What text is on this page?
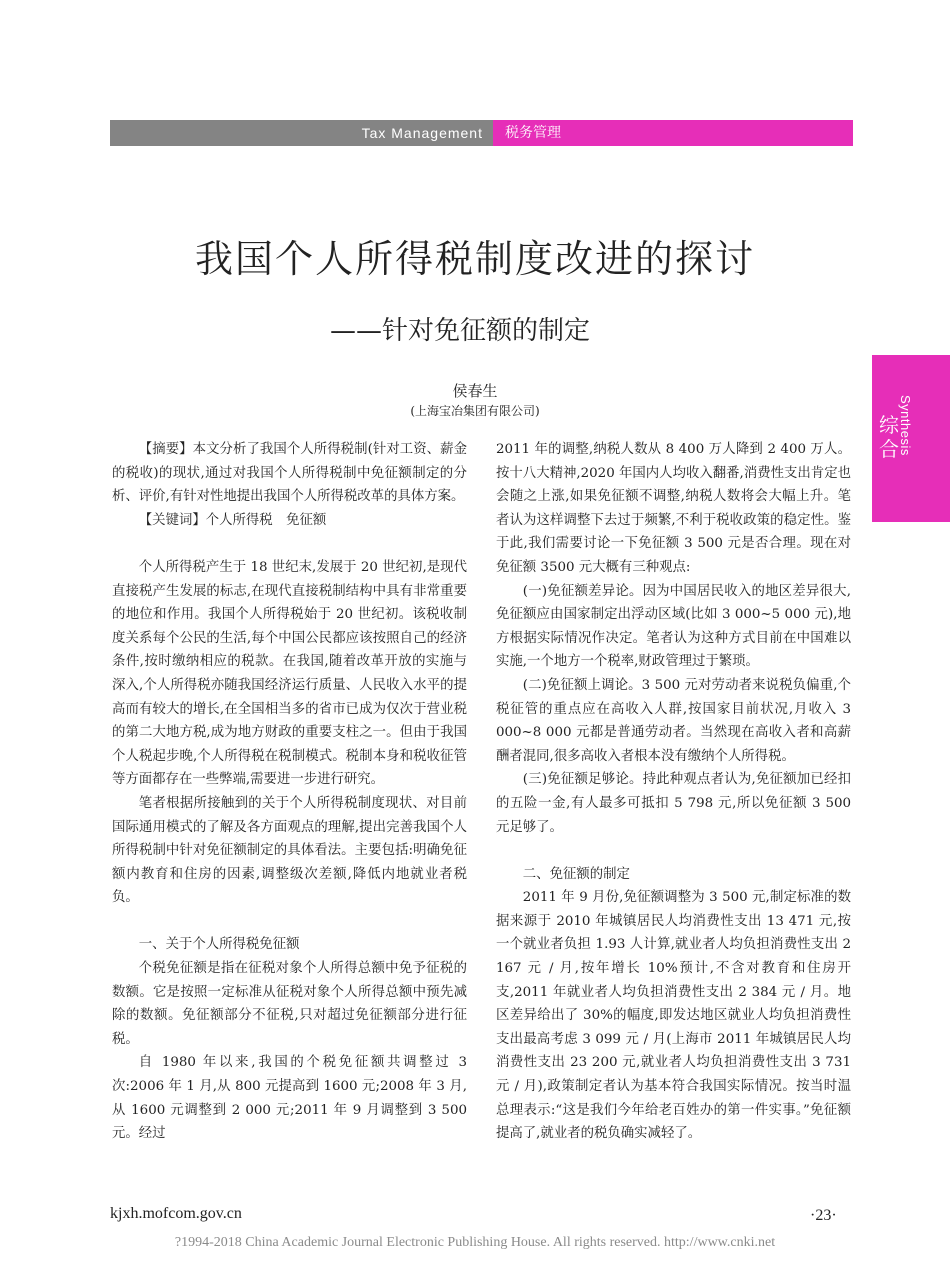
Tax Management	税务管理
综合 Synthesis
我国个人所得税制度改进的探讨
——针对免征额的制定
侯春生
(上海宝冶集团有限公司)

【摘要】本文分析了我国个人所得税制(针对工资、薪金的税收)的现状,通过对我国个人所得税制中免征额制定的分析、评价,有针对性地提出我国个人所得税改革的具体方案。

【关键词】个人所得税　免征额

个人所得税产生于 18 世纪末,发展于 20 世纪初,是现代直接税产生发展的标志,在现代直接税制结构中具有非常重要的地位和作用。我国个人所得税始于 20 世纪初。该税收制度关系每个公民的生活,每个中国公民都应该按照自己的经济条件,按时缴纳相应的税款。在我国,随着改革开放的实施与深入,个人所得税亦随我国经济运行质量、人民收入水平的提高而有较大的增长,在全国相当多的省市已成为仅次于营业税的第二大地方税,成为地方财政的重要支柱之一。但由于我国个人税起步晚,个人所得税在税制模式。税制本身和税收征管等方面都存在一些弊端,需要进一步进行研究。

笔者根据所接触到的关于个人所得税制度现状、对目前国际通用模式的了解及各方面观点的理解,提出完善我国个人所得税制中针对免征额制定的具体看法。主要包括:明确免征额内教育和住房的因素,调整级次差额,降低内地就业者税负。

一、关于个人所得税免征额

个税免征额是指在征税对象个人所得总额中免予征税的数额。它是按照一定标准从征税对象个人所得总额中预先减除的数额。免征额部分不征税,只对超过免征额部分进行征税。

自 1980 年以来,我国的个税免征额共调整过 3 次:2006 年 1 月,从 800 元提高到 1600 元;2008 年 3 月,从 1600 元调整到 2 000 元;2011 年 9 月调整到 3 500 元。经过

2011 年的调整,纳税人数从 8 400 万人降到 2 400 万人。按十八大精神,2020 年国内人均收入翻番,消费性支出肯定也会随之上涨,如果免征额不调整,纳税人数将会大幅上升。笔者认为这样调整下去过于频繁,不利于税收政策的稳定性。鉴于此,我们需要讨论一下免征额 3 500 元是否合理。现在对免征额 3500 元大概有三种观点:

(一)免征额差异论。因为中国居民收入的地区差异很大,免征额应由国家制定出浮动区域(比如 3 000~5 000 元),地方根据实际情况作决定。笔者认为这种方式目前在中国难以实施,一个地方一个税率,财政管理过于繁琐。

(二)免征额上调论。3 500 元对劳动者来说税负偏重,个税征管的重点应在高收入人群,按国家目前状况,月收入 3 000~8 000 元都是普通劳动者。当然现在高收入者和高薪酬者混同,很多高收入者根本没有缴纳个人所得税。

(三)免征额足够论。持此种观点者认为,免征额加已经扣的五险一金,有人最多可抵扣 5 798 元,所以免征额 3 500 元足够了。

二、免征额的制定

2011 年 9 月份,免征额调整为 3 500 元,制定标准的数据来源于 2010 年城镇居民人均消费性支出 13 471 元,按一个就业者负担 1.93 人计算,就业者人均负担消费性支出 2 167 元 / 月,按年增长 10%预计,不含对教育和住房开支,2011 年就业者人均负担消费性支出 2 384 元 / 月。地区差异给出了 30%的幅度,即发达地区就业人均负担消费性支出最高考虑 3 099 元 / 月(上海市 2011 年城镇居民人均消费性支出 23 200 元,就业者人均负担消费性支出 3 731 元 / 月),政策制定者认为基本符合我国实际情况。按当时温总理表示:“这是我们今年给老百姓办的第一件实事。”免征额提高了,就业者的税负确实减轻了。

kjxh.mofcom.gov.cn	·23·
?1994-2018 China Academic Journal Electronic Publishing House. All rights reserved. http://www.cnki.net
